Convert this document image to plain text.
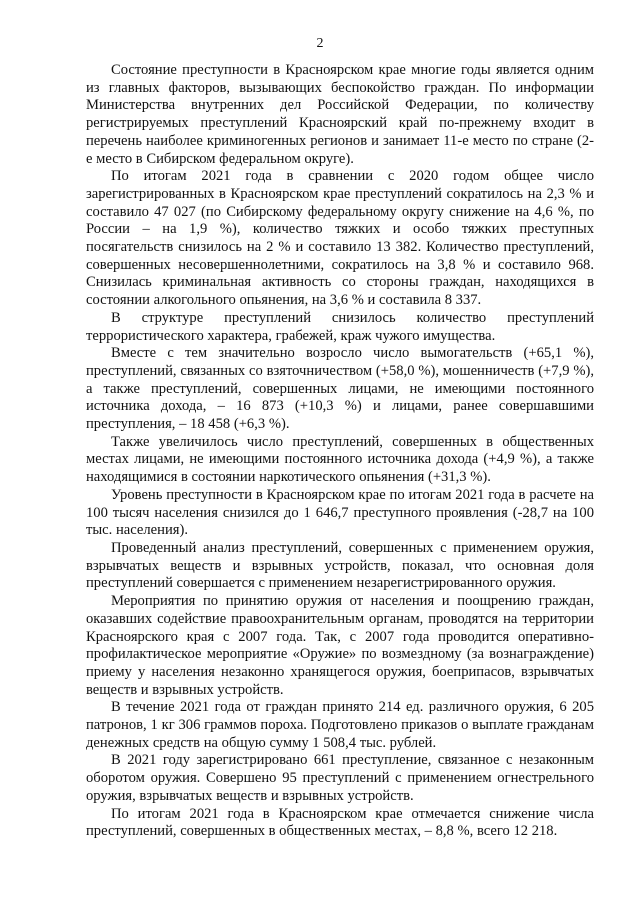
2

Состояние преступности в Красноярском крае многие годы является одним из главных факторов, вызывающих беспокойство граждан. По информации Министерства внутренних дел Российской Федерации, по количеству регистрируемых преступлений Красноярский край по-прежнему входит в перечень наиболее криминогенных регионов и занимает 11-е место по стране (2-е место в Сибирском федеральном округе).

По итогам 2021 года в сравнении с 2020 годом общее число зарегистрированных в Красноярском крае преступлений сократилось на 2,3 % и составило 47 027 (по Сибирскому федеральному округу снижение на 4,6 %, по России – на 1,9 %), количество тяжких и особо тяжких преступных посягательств снизилось на 2 % и составило 13 382. Количество преступлений, совершенных несовершеннолетними, сократилось на 3,8 % и составило 968. Снизилась криминальная активность со стороны граждан, находящихся в состоянии алкогольного опьянения, на 3,6 % и составила 8 337.

В структуре преступлений снизилось количество преступлений террористического характера, грабежей, краж чужого имущества.

Вместе с тем значительно возросло число вымогательств (+65,1 %), преступлений, связанных со взяточничеством (+58,0 %), мошенничеств (+7,9 %), а также преступлений, совершенных лицами, не имеющими постоянного источника дохода, – 16 873 (+10,3 %) и лицами, ранее совершавшими преступления, – 18 458 (+6,3 %).

Также увеличилось число преступлений, совершенных в общественных местах лицами, не имеющими постоянного источника дохода (+4,9 %), а также находящимися в состоянии наркотического опьянения (+31,3 %).

Уровень преступности в Красноярском крае по итогам 2021 года в расчете на 100 тысяч населения снизился до 1 646,7 преступного проявления (-28,7 на 100 тыс. населения).

Проведенный анализ преступлений, совершенных с применением оружия, взрывчатых веществ и взрывных устройств, показал, что основная доля преступлений совершается с применением незарегистрированного оружия.

Мероприятия по принятию оружия от населения и поощрению граждан, оказавших содействие правоохранительным органам, проводятся на территории Красноярского края с 2007 года. Так, с 2007 года проводится оперативно-профилактическое мероприятие «Оружие» по возмездному (за вознаграждение) приему у населения незаконно хранящегося оружия, боеприпасов, взрывчатых веществ и взрывных устройств.

В течение 2021 года от граждан принято 214 ед. различного оружия, 6 205 патронов, 1 кг 306 граммов пороха. Подготовлено приказов о выплате гражданам денежных средств на общую сумму 1 508,4 тыс. рублей.

В 2021 году зарегистрировано 661 преступление, связанное с незаконным оборотом оружия. Совершено 95 преступлений с применением огнестрельного оружия, взрывчатых веществ и взрывных устройств.

По итогам 2021 года в Красноярском крае отмечается снижение числа преступлений, совершенных в общественных местах, – 8,8 %, всего 12 218.
